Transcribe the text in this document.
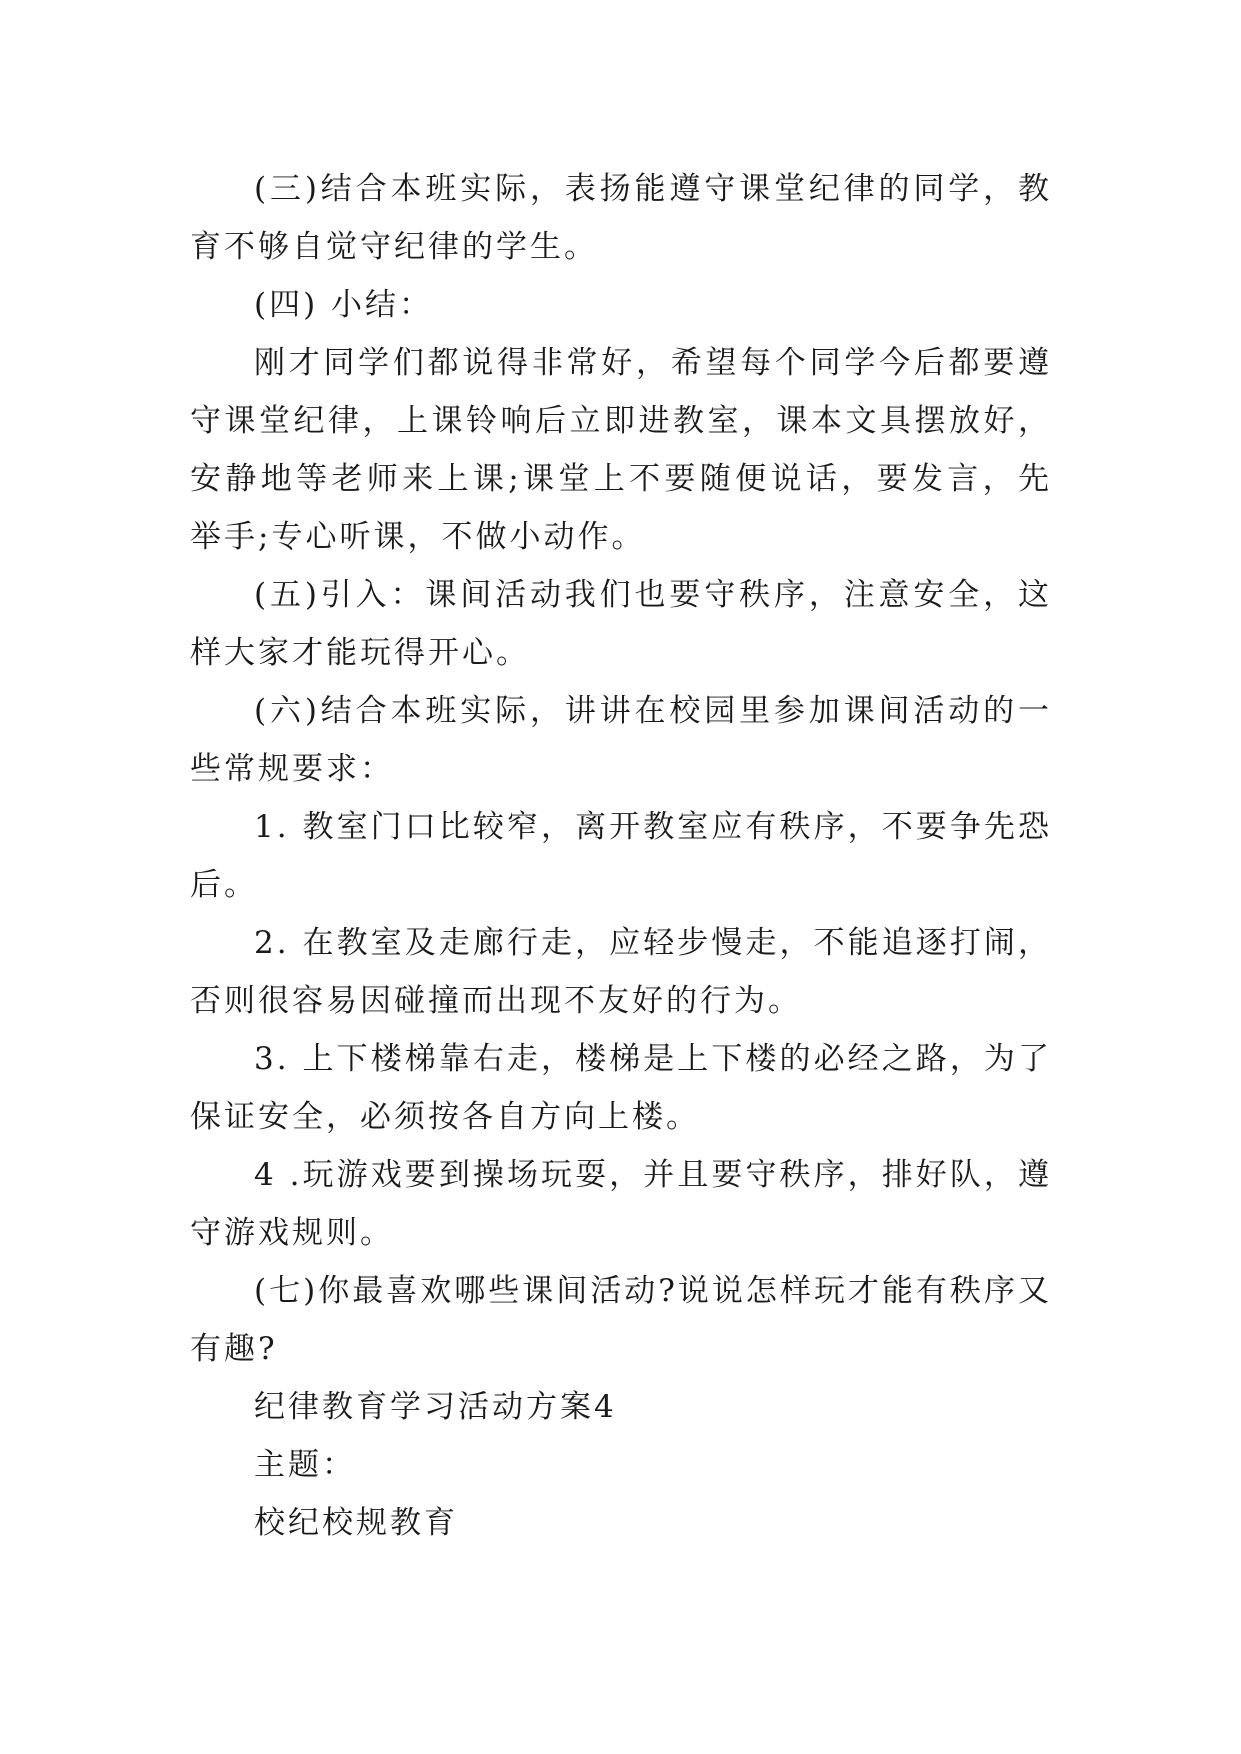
(三)结合本班实际，表扬能遵守课堂纪律的同学，教育不够自觉守纪律的学生。

(四) 小结：

刚才同学们都说得非常好，希望每个同学今后都要遵守课堂纪律，上课铃响后立即进教室，课本文具摆放好，安静地等老师来上课;课堂上不要随便说话，要发言，先举手;专心听课，不做小动作。

(五)引入：课间活动我们也要守秩序，注意安全，这样大家才能玩得开心。

(六)结合本班实际，讲讲在校园里参加课间活动的一些常规要求：

1. 教室门口比较窄，离开教室应有秩序，不要争先恐后。

2. 在教室及走廊行走，应轻步慢走，不能追逐打闹，否则很容易因碰撞而出现不友好的行为。

3. 上下楼梯靠右走，楼梯是上下楼的必经之路，为了保证安全，必须按各自方向上楼。

4 .玩游戏要到操场玩耍，并且要守秩序，排好队，遵守游戏规则。

(七)你最喜欢哪些课间活动?说说怎样玩才能有秩序又有趣?

纪律教育学习活动方案4

主题：

校纪校规教育
